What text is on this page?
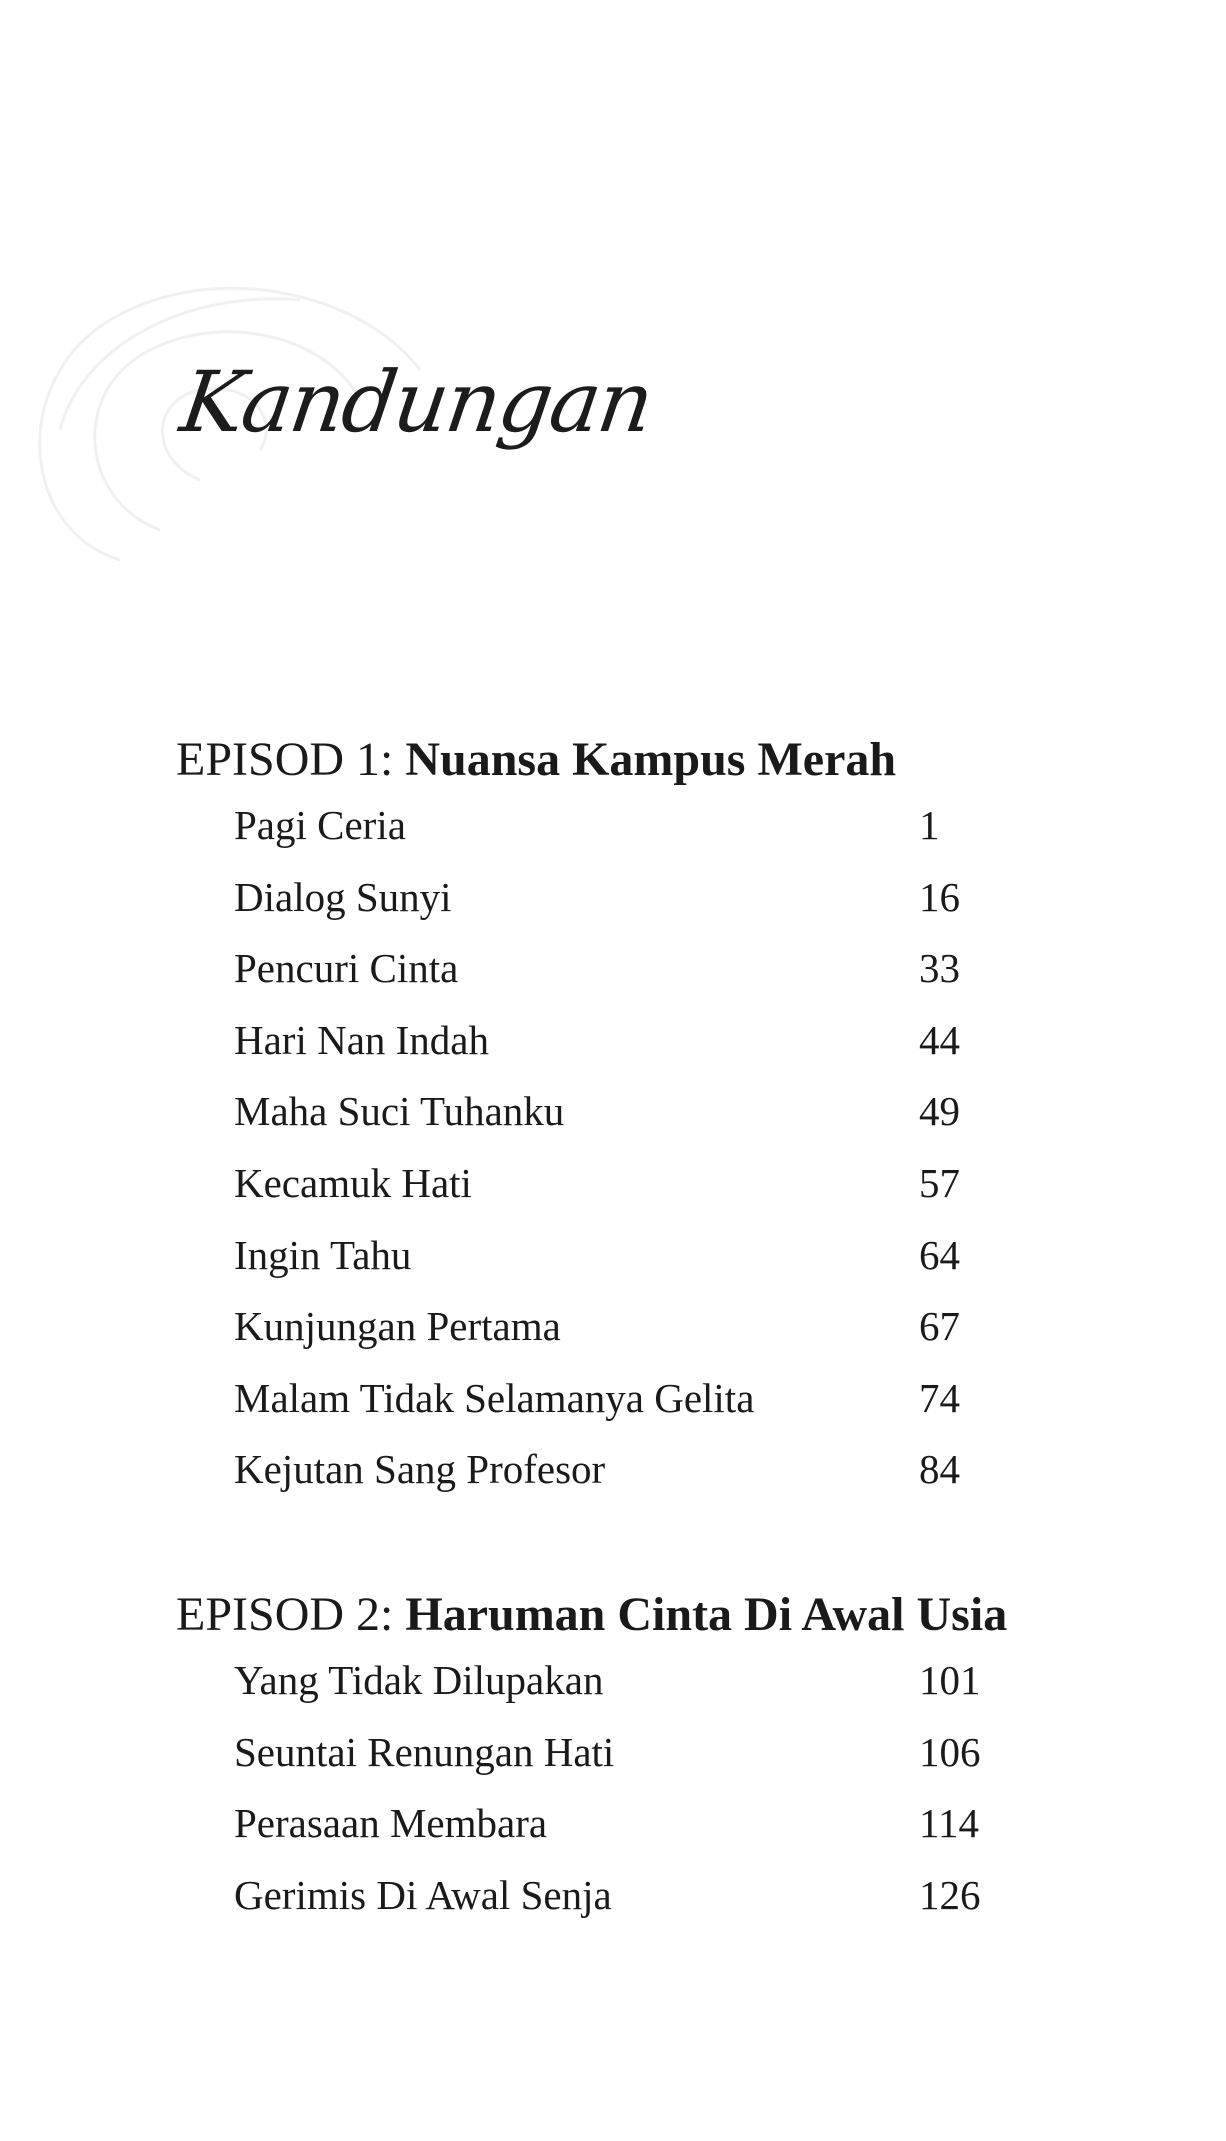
Kandungan
EPISOD 1: Nuansa Kampus Merah
Pagi Ceria	1
Dialog Sunyi	16
Pencuri Cinta	33
Hari Nan Indah	44
Maha Suci Tuhanku	49
Kecamuk Hati	57
Ingin Tahu	64
Kunjungan Pertama	67
Malam Tidak Selamanya Gelita	74
Kejutan Sang Profesor	84
EPISOD 2: Haruman Cinta Di Awal Usia
Yang Tidak Dilupakan	101
Seuntai Renungan Hati	106
Perasaan Membara	114
Gerimis Di Awal Senja	126
